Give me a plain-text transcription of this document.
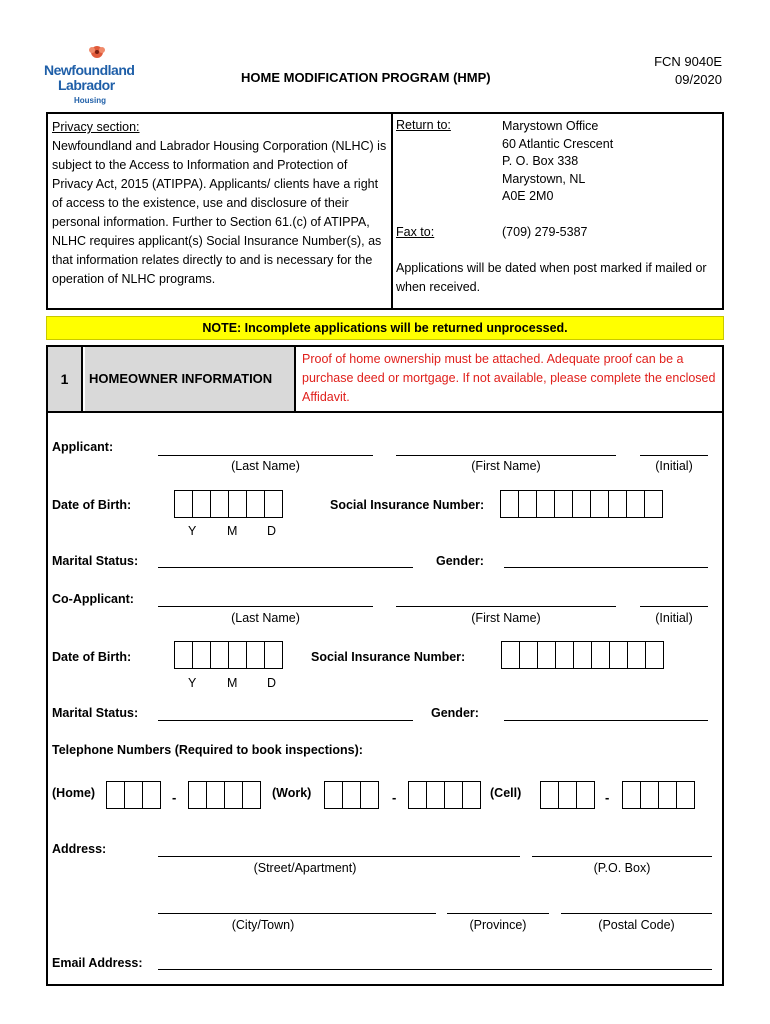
Newfoundland
Labrador
Housing
HOME MODIFICATION PROGRAM (HMP)
FCN 9040E
09/2020
Privacy section:
Newfoundland and Labrador Housing Corporation (NLHC) is subject to the Access to Information and Protection of Privacy Act, 2015 (ATIPPA). Applicants/ clients have a right of access to the existence, use and disclosure of their personal information. Further to Section 61.(c) of ATIPPA, NLHC requires applicant(s) Social Insurance Number(s), as that information relates directly to and is necessary for the operation of NLHC programs.
Return to:	Marystown Office
60 Atlantic Crescent
P. O. Box 338
Marystown, NL
A0E 2M0
Fax to:	(709) 279-5387
Applications will be dated when post marked if mailed or when received.
NOTE: Incomplete applications will be returned unprocessed.
1	HOMEOWNER INFORMATION
Proof of home ownership must be attached. Adequate proof can be a purchase deed or mortgage. If not available, please complete the enclosed Affidavit.
Applicant:
(Last Name)	(First Name)	(Initial)
Date of Birth:
Y M D
Social Insurance Number:
Marital Status:	Gender:
Co-Applicant:
(Last Name)	(First Name)	(Initial)
Date of Birth:
Y M D
Social Insurance Number:
Marital Status:	Gender:
Telephone Numbers (Required to book inspections):
(Home)	-	(Work)	-	(Cell)	-
Address:
(Street/Apartment)	(P.O. Box)
(City/Town)	(Province)	(Postal Code)
Email Address:
